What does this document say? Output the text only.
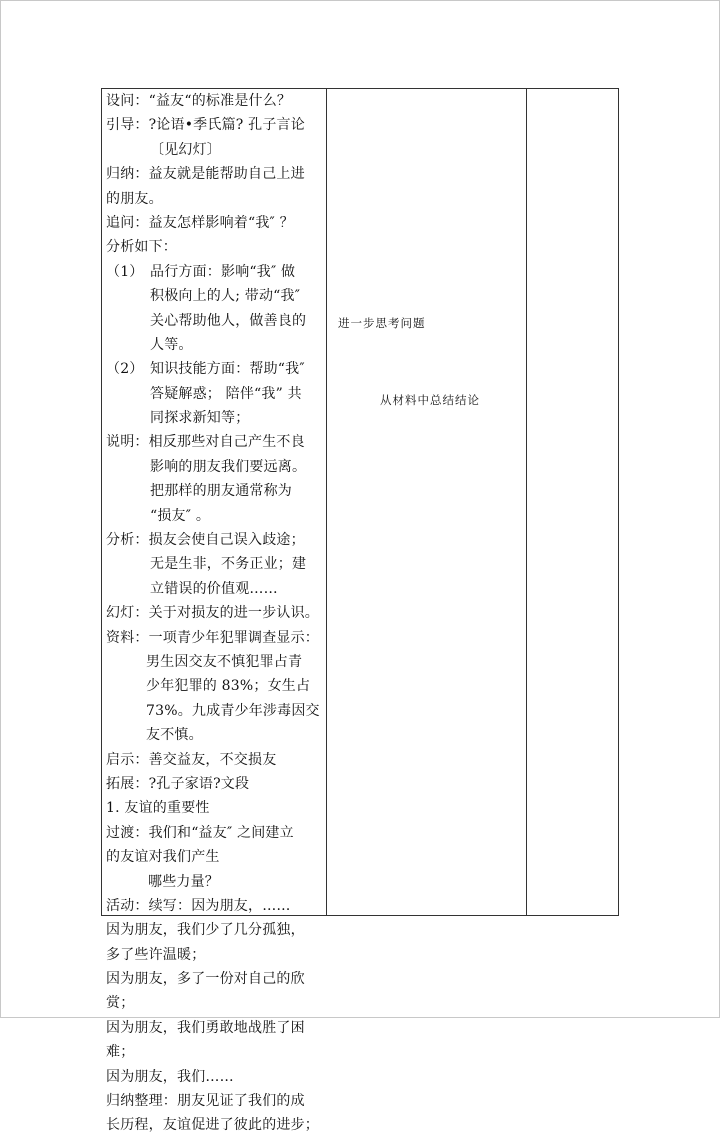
设问：“益友“的标准是什么？
引导：?论语•季氏篇? 孔子言论
〔见幻灯〕
归纳：益友就是能帮助自己上进
的朋友。
追问：益友怎样影响着“我″ ？
分析如下：
（1） 品行方面：影响“我″ 做
积极向上的人; 带动“我″
关心帮助他人，做善良的
人等。
（2） 知识技能方面：帮助“我″
答疑解惑； 陪伴“我” 共
同探求新知等；
说明：相反那些对自己产生不良
影响的朋友我们要远离。
把那样的朋友通常称为
“损友″ 。
分析：损友会使自己误入歧途；
无是生非，不务正业；建
立错误的价值观……
幻灯：关于对损友的进一步认识。
资料：一项青少年犯罪调查显示：
男生因交友不慎犯罪占青
少年犯罪的 83%；女生占
73%。九成青少年涉毒因交
友不慎。
启示：善交益友，不交损友
拓展：?孔子家语?文段
1. 友谊的重要性
过渡：我们和“益友″ 之间建立
的友谊对我们产生
哪些力量？
活动：续写：因为朋友，……
因为朋友，我们少了几分孤独，
多了些许温暖；
因为朋友，多了一份对自己的欣
赏；
因为朋友，我们勇敢地战胜了困
难；
因为朋友，我们……
归纳整理：朋友见证了我们的成
长历程，友谊促进了彼此的进步；
进一步思考问题
从材料中总结结论
